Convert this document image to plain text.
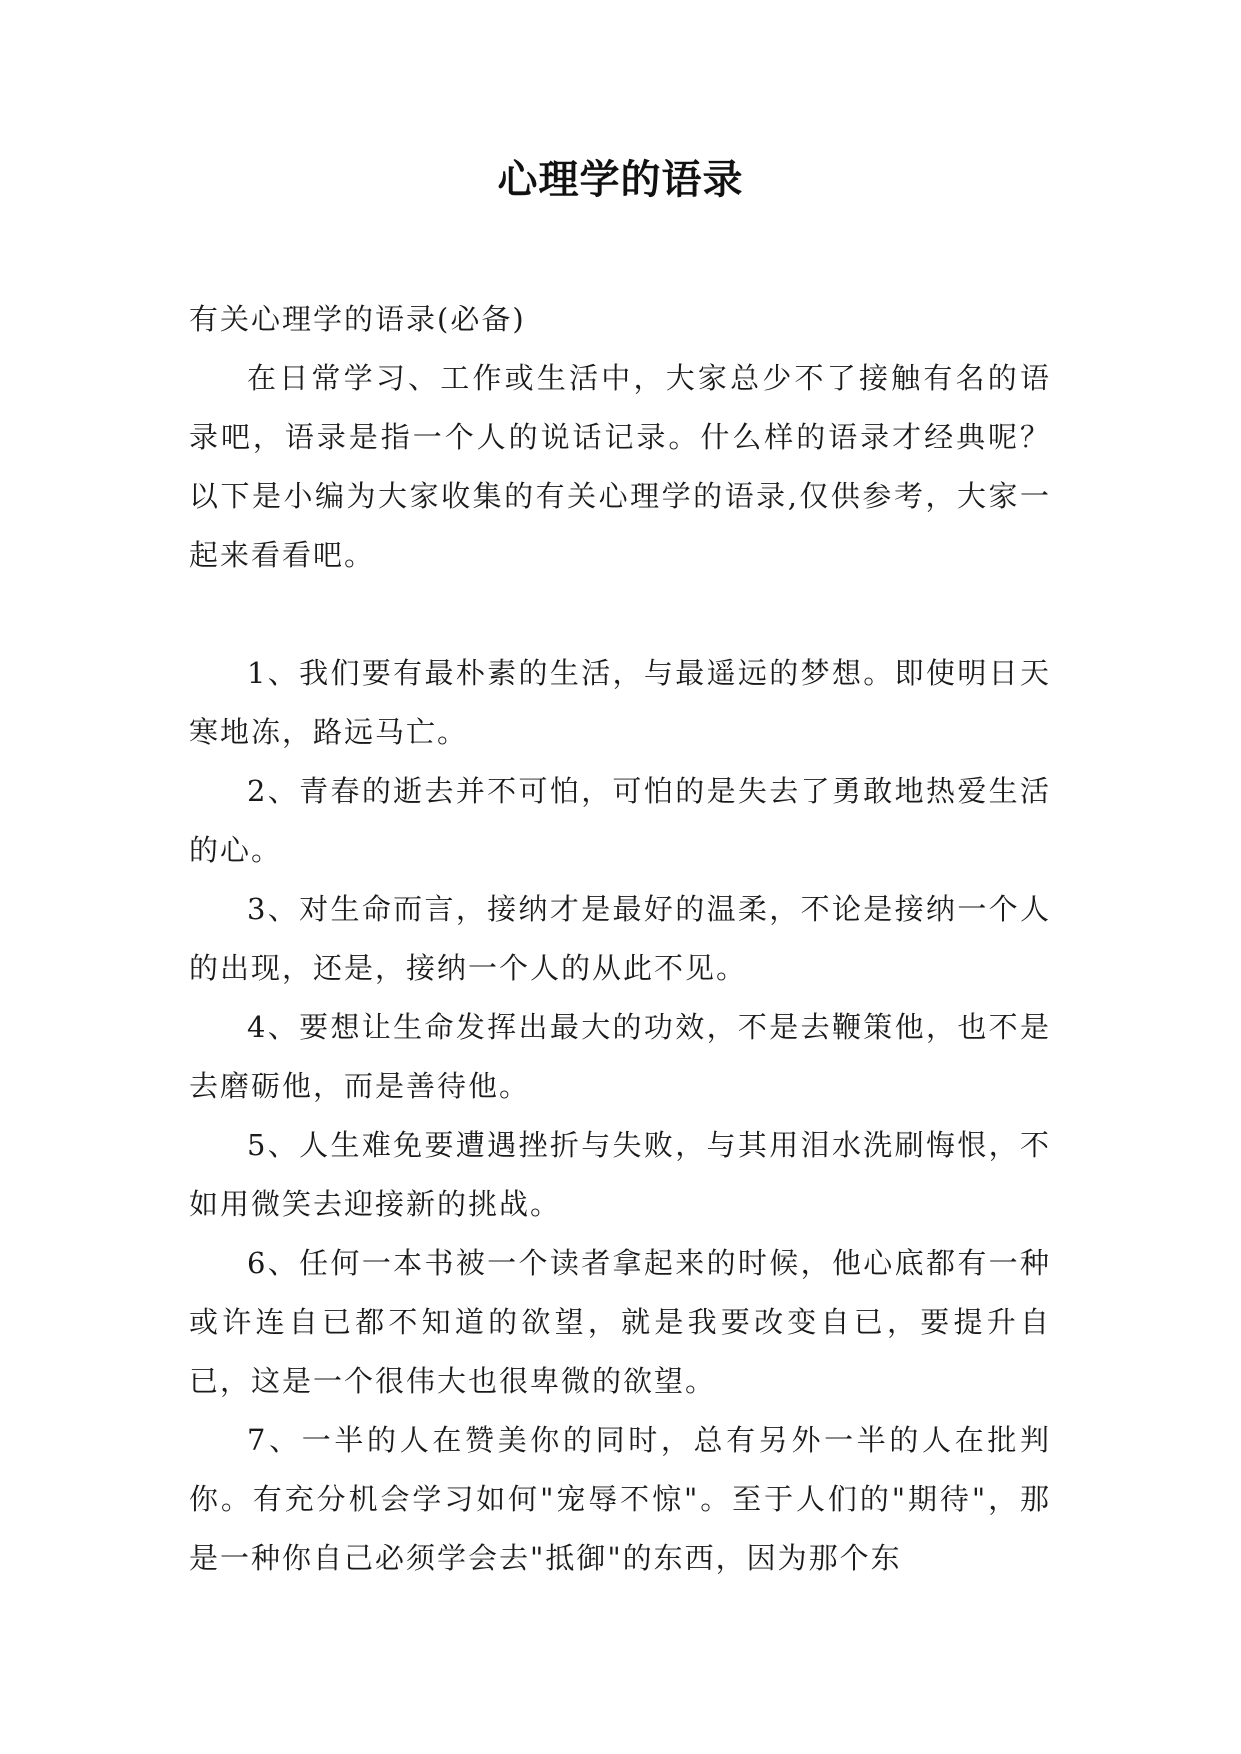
心理学的语录

有关心理学的语录(必备)

在日常学习、工作或生活中，大家总少不了接触有名的语录吧，语录是指一个人的说话记录。什么样的语录才经典呢？以下是小编为大家收集的有关心理学的语录,仅供参考，大家一起来看看吧。

1、我们要有最朴素的生活，与最遥远的梦想。即使明日天寒地冻，路远马亡。

2、青春的逝去并不可怕，可怕的是失去了勇敢地热爱生活的心。

3、对生命而言，接纳才是最好的温柔，不论是接纳一个人的出现，还是，接纳一个人的从此不见。

4、要想让生命发挥出最大的功效，不是去鞭策他，也不是去磨砺他，而是善待他。

5、人生难免要遭遇挫折与失败，与其用泪水洗刷悔恨，不如用微笑去迎接新的挑战。

6、任何一本书被一个读者拿起来的时候，他心底都有一种或许连自已都不知道的欲望，就是我要改变自已，要提升自已，这是一个很伟大也很卑微的欲望。

7、一半的人在赞美你的同时，总有另外一半的人在批判你。有充分机会学习如何"宠辱不惊"。至于人们的"期待"，那是一种你自己必须学会去"抵御"的东西，因为那个东
